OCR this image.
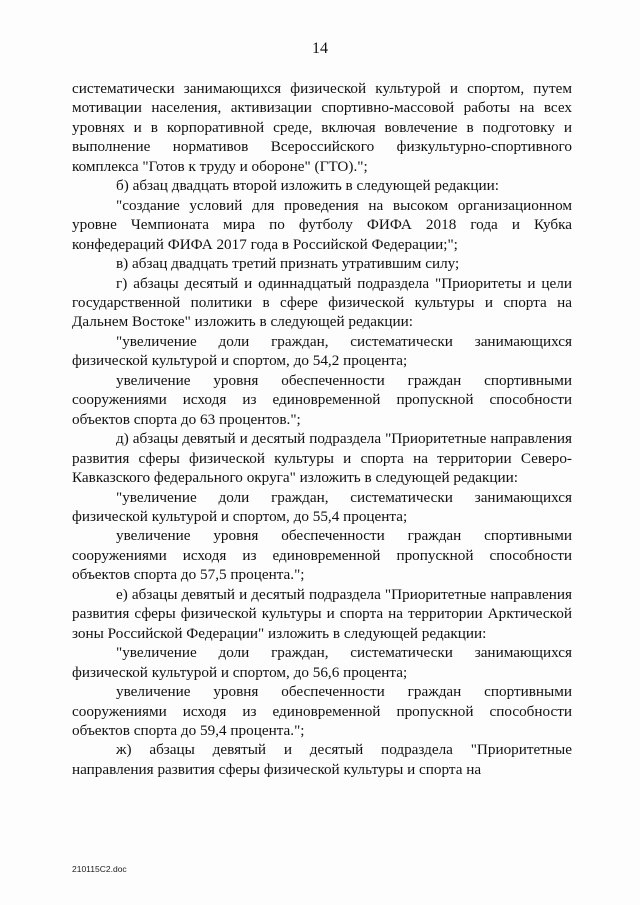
14

систематически занимающихся физической культурой и спортом, путем мотивации населения, активизации спортивно-массовой работы на всех уровнях и в корпоративной среде, включая вовлечение в подготовку и выполнение нормативов Всероссийского физкультурно-спортивного комплекса "Готов к труду и обороне" (ГТО).";

б) абзац двадцать второй изложить в следующей редакции:

"создание условий для проведения на высоком организационном уровне Чемпионата мира по футболу ФИФА 2018 года и Кубка конфедераций ФИФА 2017 года в Российской Федерации;";

в) абзац двадцать третий признать утратившим силу;

г) абзацы десятый и одиннадцатый подраздела "Приоритеты и цели государственной политики в сфере физической культуры и спорта на Дальнем Востоке" изложить в следующей редакции:

"увеличение доли граждан, систематически занимающихся физической культурой и спортом, до 54,2 процента;

увеличение уровня обеспеченности граждан спортивными сооружениями исходя из единовременной пропускной способности объектов спорта до 63 процентов.";

д) абзацы девятый и десятый подраздела "Приоритетные направления развития сферы физической культуры и спорта на территории Северо-Кавказского федерального округа" изложить в следующей редакции:

"увеличение доли граждан, систематически занимающихся физической культурой и спортом, до 55,4 процента;

увеличение уровня обеспеченности граждан спортивными сооружениями исходя из единовременной пропускной способности объектов спорта до 57,5 процента.";

е) абзацы девятый и десятый подраздела "Приоритетные направления развития сферы физической культуры и спорта на территории Арктической зоны Российской Федерации" изложить в следующей редакции:

"увеличение доли граждан, систематически занимающихся физической культурой и спортом, до 56,6 процента;

увеличение уровня обеспеченности граждан спортивными сооружениями исходя из единовременной пропускной способности объектов спорта до 59,4 процента.";

ж) абзацы девятый и десятый подраздела "Приоритетные направления развития сферы физической культуры и спорта на

210115C2.doc
